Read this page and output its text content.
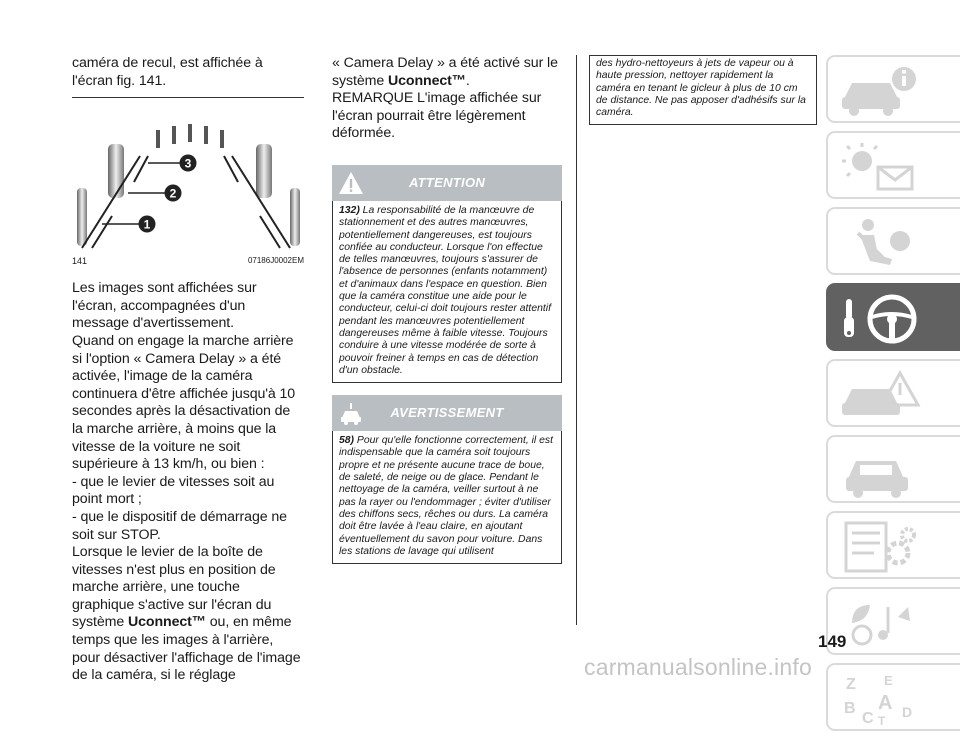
caméra de recul, est affichée à l'écran fig. 141.

3
2
1
141	07186J0002EM

Les images sont affichées sur l'écran, accompagnées d'un message d'avertissement.

Quand on engage la marche arrière si l'option « Camera Delay » a été activée, l'image de la caméra continuera d'être affichée jusqu'à 10 secondes après la désactivation de la marche arrière, à moins que la vitesse de la voiture ne soit supérieure à 13 km/h, ou bien :

- que le levier de vitesses soit au point mort ;

- que le dispositif de démarrage ne soit sur STOP.

Lorsque le levier de la boîte de vitesses n'est plus en position de marche arrière, une touche graphique s'active sur l'écran du système Uconnect™ ou, en même temps que les images à l'arrière, pour désactiver l'affichage de l'image de la caméra, si le réglage

« Camera Delay » a été activé sur le système Uconnect™.

REMARQUE L'image affichée sur l'écran pourrait être légèrement déformée.

ATTENTION

132) La responsabilité de la manœuvre de stationnement et des autres manœuvres, potentiellement dangereuses, est toujours confiée au conducteur. Lorsque l'on effectue de telles manœuvres, toujours s'assurer de l'absence de personnes (enfants notamment) et d'animaux dans l'espace en question. Bien que la caméra constitue une aide pour le conducteur, celui-ci doit toujours rester attentif pendant les manœuvres potentiellement dangereuses même à faible vitesse. Toujours conduire à une vitesse modérée de sorte à pouvoir freiner à temps en cas de détection d'un obstacle.

AVERTISSEMENT

58) Pour qu'elle fonctionne correctement, il est indispensable que la caméra soit toujours propre et ne présente aucune trace de boue, de saleté, de neige ou de glace. Pendant le nettoyage de la caméra, veiller surtout à ne pas la rayer ou l'endommager ; éviter d'utiliser des chiffons secs, rêches ou durs. La caméra doit être lavée à l'eau claire, en ajoutant éventuellement du savon pour voiture. Dans les stations de lavage qui utilisent

des hydro-nettoyeurs à jets de vapeur ou à haute pression, nettoyer rapidement la caméra en tenant le gicleur à plus de 10 cm de distance. Ne pas apposer d'adhésifs sur la caméra.

Z E
B A
C T
D
149
carmanualsonline.info
